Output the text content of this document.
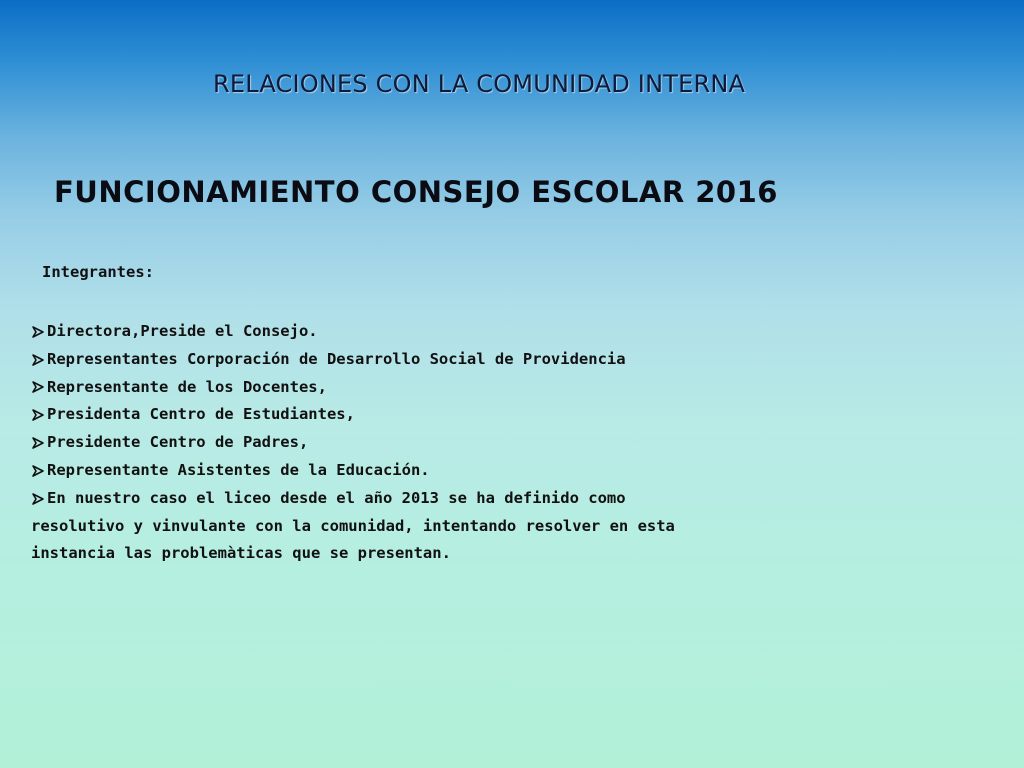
RELACIONES CON LA COMUNIDAD INTERNA
FUNCIONAMIENTO CONSEJO ESCOLAR 2016
Integrantes:
Directora,Preside el Consejo.
Representantes Corporación de Desarrollo Social de Providencia
Representante de los Docentes,
Presidenta Centro de Estudiantes,
Presidente Centro de Padres,
Representante Asistentes de la Educación.
En nuestro caso el liceo desde el año 2013 se ha definido como
resolutivo y vinvulante con la comunidad, intentando resolver en esta
instancia las problemàticas que se presentan.
